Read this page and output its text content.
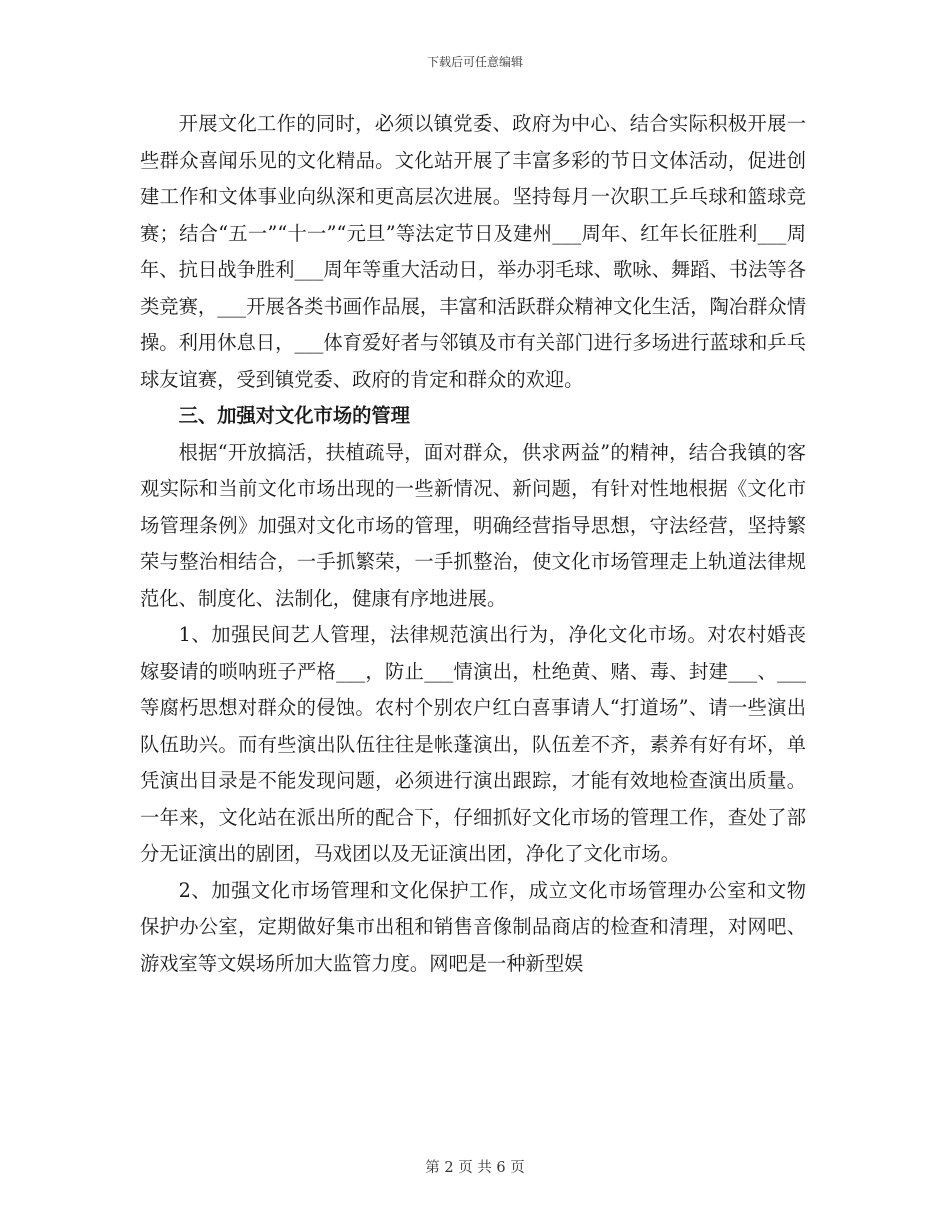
下载后可任意编辑

开展文化工作的同时，必须以镇党委、政府为中心、结合实际积极开展一些群众喜闻乐见的文化精品。文化站开展了丰富多彩的节日文体活动，促进创建工作和文体事业向纵深和更高层次进展。坚持每月一次职工乒乓球和篮球竞赛；结合“五一”“十一”“元旦”等法定节日及建州___周年、红年长征胜利___周年、抗日战争胜利___周年等重大活动日，举办羽毛球、歌咏、舞蹈、书法等各类竞赛，___开展各类书画作品展，丰富和活跃群众精神文化生活，陶冶群众情操。利用休息日，___体育爱好者与邻镇及市有关部门进行多场进行蓝球和乒乓球友谊赛，受到镇党委、政府的肯定和群众的欢迎。

三、加强对文化市场的管理

根据“开放搞活，扶植疏导，面对群众，供求两益”的精神，结合我镇的客观实际和当前文化市场出现的一些新情况、新问题，有针对性地根据《文化市场管理条例》加强对文化市场的管理，明确经营指导思想，守法经营，坚持繁荣与整治相结合，一手抓繁荣，一手抓整治，使文化市场管理走上轨道法律规范化、制度化、法制化，健康有序地进展。

1、加强民间艺人管理，法律规范演出行为，净化文化市场。对农村婚丧嫁娶请的唢呐班子严格___，防止___情演出，杜绝黄、赌、毒、封建___、___等腐朽思想对群众的侵蚀。农村个别农户红白喜事请人“打道场”、请一些演出队伍助兴。而有些演出队伍往往是帐蓬演出，队伍差不齐，素养有好有坏，单凭演出目录是不能发现问题，必须进行演出跟踪，才能有效地检查演出质量。一年来，文化站在派出所的配合下，仔细抓好文化市场的管理工作，查处了部分无证演出的剧团，马戏团以及无证演出团，净化了文化市场。

2、加强文化市场管理和文化保护工作，成立文化市场管理办公室和文物保护办公室，定期做好集市出租和销售音像制品商店的检查和清理，对网吧、游戏室等文娱场所加大监管力度。网吧是一种新型娱

第 2 页 共 6 页
